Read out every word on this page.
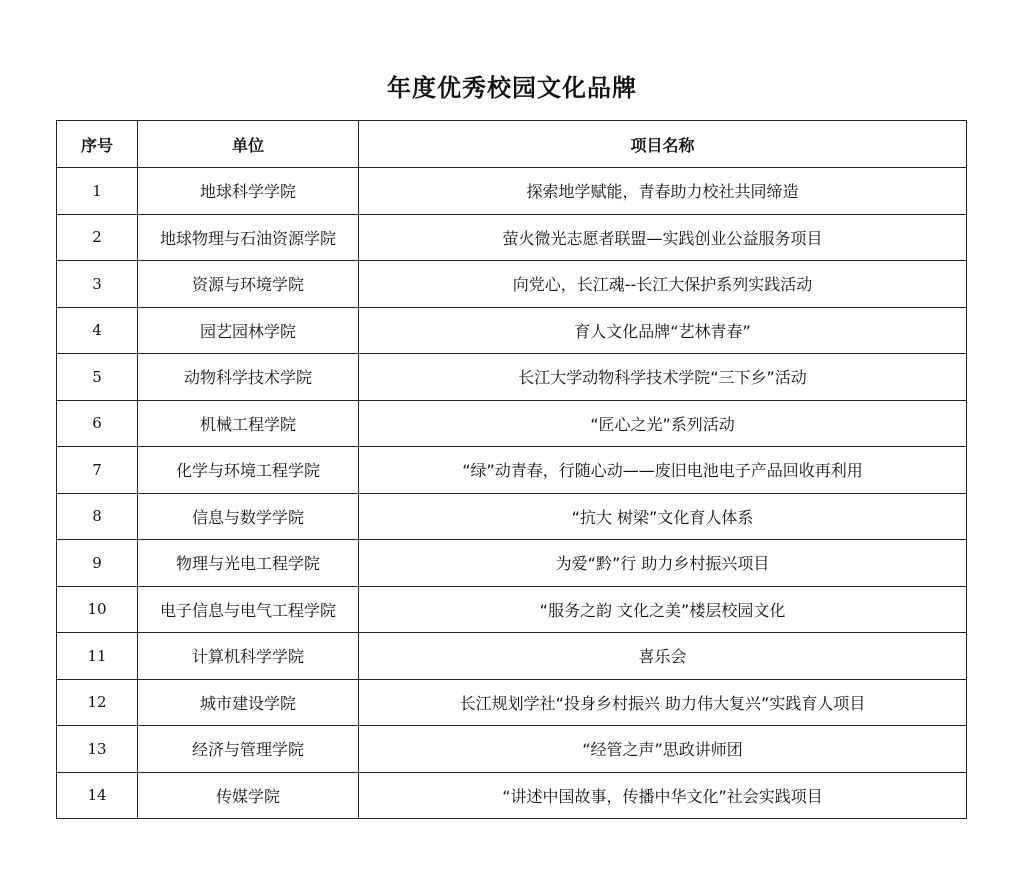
年度优秀校园文化品牌
序号	单位	项目名称
1	地球科学学院	探索地学赋能，青春助力校社共同缔造
2	地球物理与石油资源学院	萤火微光志愿者联盟—实践创业公益服务项目
3	资源与环境学院	向党心，长江魂--长江大保护系列实践活动
4	园艺园林学院	育人文化品牌“艺林青春”
5	动物科学技术学院	长江大学动物科学技术学院“三下乡”活动
6	机械工程学院	“匠心之光”系列活动
7	化学与环境工程学院	“绿”动青春，行随心动——废旧电池电子产品回收再利用
8	信息与数学学院	“抗大 树梁”文化育人体系
9	物理与光电工程学院	为爱“黔”行 助力乡村振兴项目
10	电子信息与电气工程学院	“服务之韵 文化之美”楼层校园文化
11	计算机科学学院	喜乐会
12	城市建设学院	长江规划学社“投身乡村振兴 助力伟大复兴”实践育人项目
13	经济与管理学院	“经管之声”思政讲师团
14	传媒学院	“讲述中国故事，传播中华文化”社会实践项目
